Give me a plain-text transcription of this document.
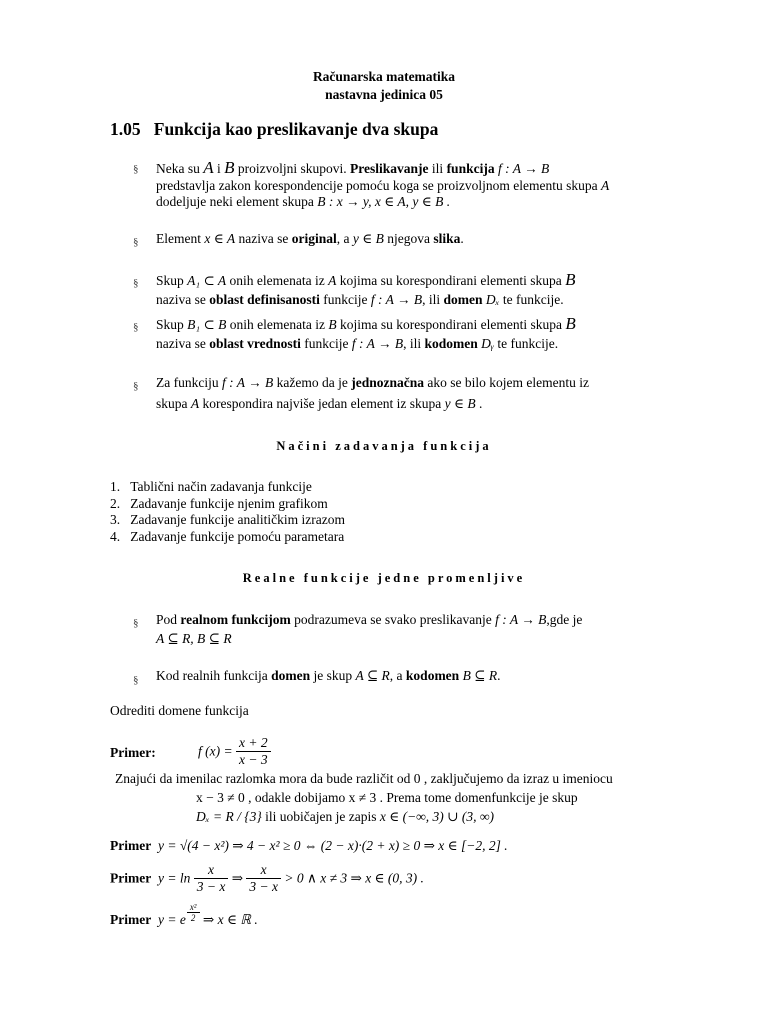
Računarska matematika
nastavna jedinica 05
1.05 Funkcija kao preslikavanje dva skupa
§ Neka su A i B proizvoljni skupovi. Preslikavanje ili funkcija f : A → B
predstavlja zakon korespondencije pomoću koga se proizvoljnom elementu skupa A
dodeljuje neki element skupa B : x → y, x ∈ A, y ∈ B .
§ Element x ∈ A naziva se original, a y ∈ B njegova slika.
§ Skup A₁ ⊂ A onih elemenata iz A kojima su korespondirani elementi skupa B
naziva se oblast definisanosti funkcije f : A → B, ili domen Dₓ te funkcije.
§ Skup B₁ ⊂ B onih elemenata iz B kojima su korespondirani elementi skupa B
naziva se oblast vrednosti funkcije f : A → B, ili kodomen Dᵧ te funkcije.
§ Za funkciju f : A → B kažemo da je jednoznačna ako se bilo kojem elementu iz
skupa A korespondira najviše jedan element iz skupa y ∈ B .
Načini zadavanja funkcija
1. Tablični način zadavanja funkcije
2. Zadavanje funkcije njenim grafikom
3. Zadavanje funkcije analitičkim izrazom
4. Zadavanje funkcije pomoću parametara
Realne funkcije jedne promenljive
§ Pod realnom funkcijom podrazumeva se svako preslikavanje f : A → B,gde je
A ⊆ R, B ⊆ R
§ Kod realnih funkcija domen je skup A ⊆ R, a kodomen B ⊆ R.
Odrediti domene funkcija
Primer:	f $(x) = \frac{x + 2}{x - 3}$
Znajući da imenilac razlomka mora da bude različit od 0 , zaključujemo da izraz u imeniocu
x − 3 ≠ 0 , odakle dobijamo x ≠ 3 . Prema tome domenfunkcije je skup
Dₓ = R / {3} ili uobičajen je zapis x ∈ (−∞, 3) ∪ (3, ∞)
Primer y = √(4 − x²) ⇒ 4 − x² ≥ 0 ⇔ (2 − x)·(2 + x) ≥ 0 ⇒ x ∈ [−2, 2] .
Primer $y = \ln \frac{x}{3 - x}$ ⇒ $\frac{x}{3 - x} > 0$ ∧ x ≠ 3 ⇒ x ∈ (0, 3) .
Primer y = e $\frac{\text{x²}}{2}$ ⇒ x ∈ ℝ .
